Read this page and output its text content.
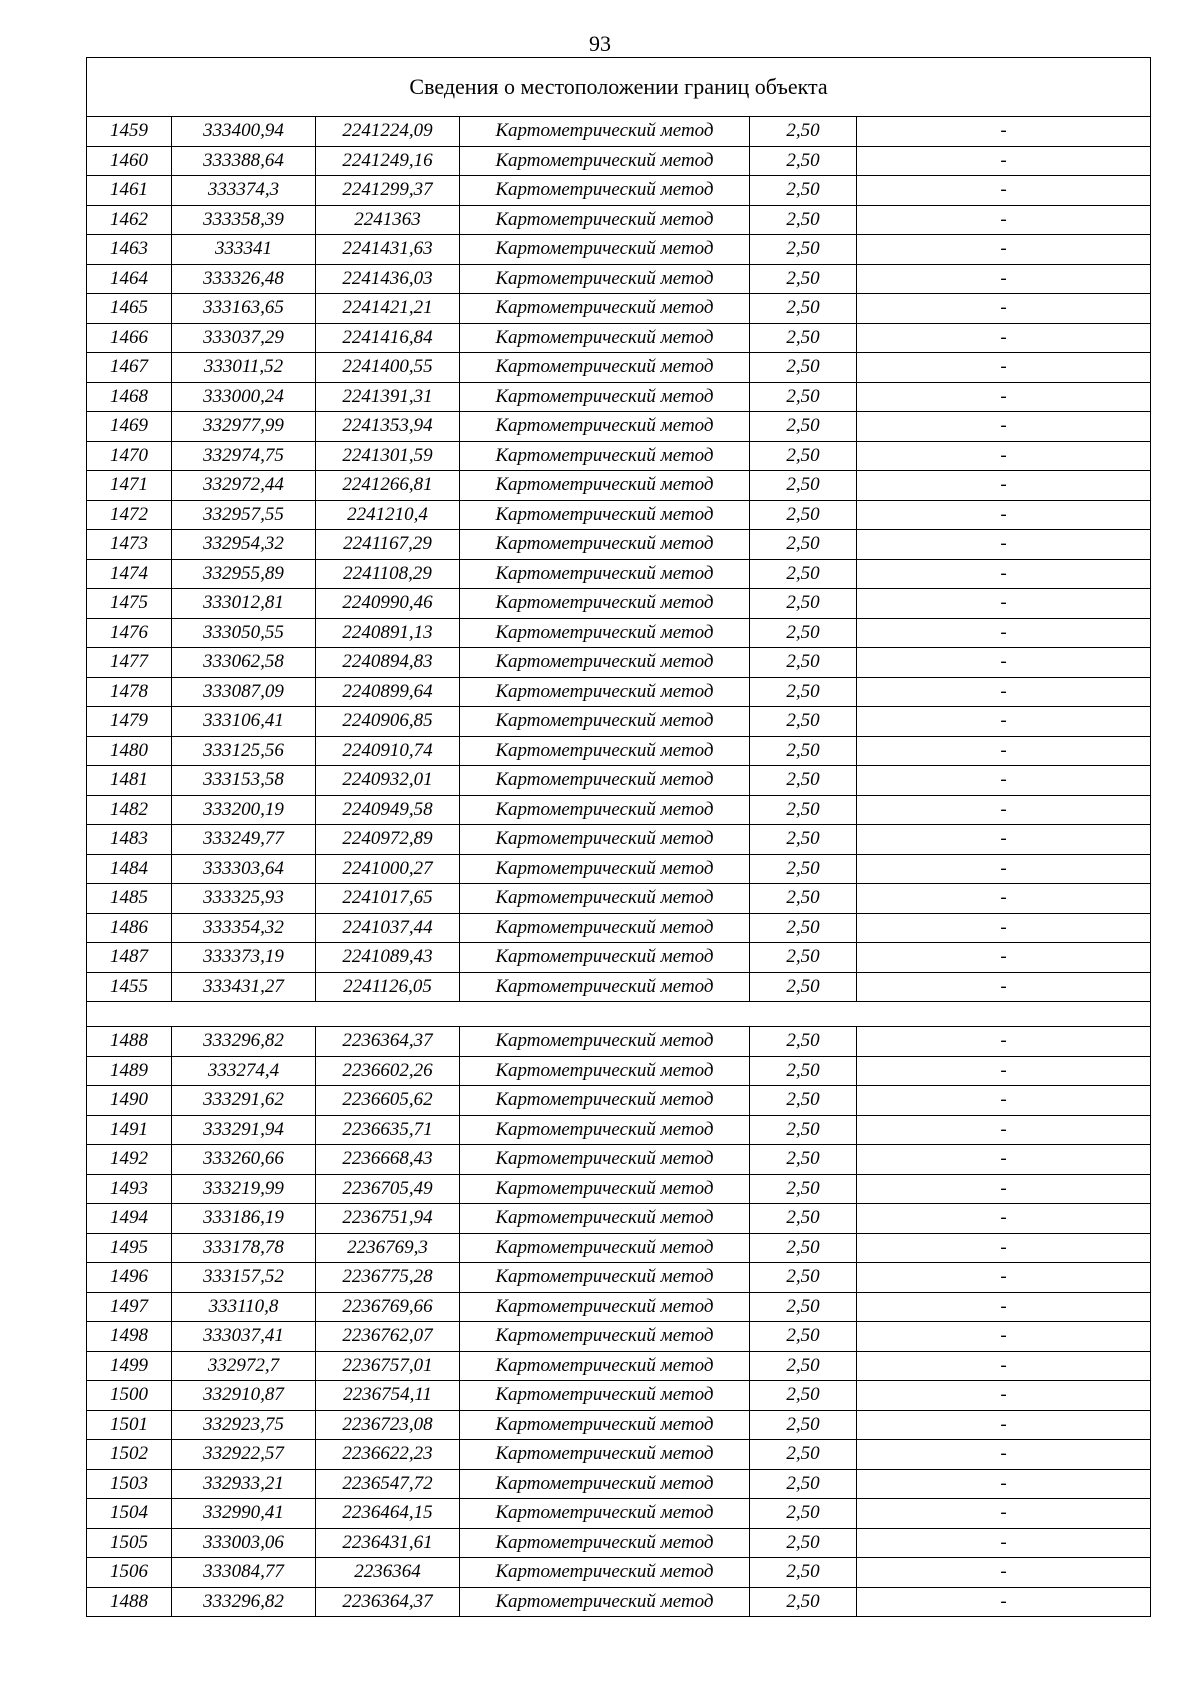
93
Сведения о местоположении границ объекта					
1459	333400,94	2241224,09	Картометрический метод	2,50	-
1460	333388,64	2241249,16	Картометрический метод	2,50	-
1461	333374,3	2241299,37	Картометрический метод	2,50	-
1462	333358,39	2241363	Картометрический метод	2,50	-
1463	333341	2241431,63	Картометрический метод	2,50	-
1464	333326,48	2241436,03	Картометрический метод	2,50	-
1465	333163,65	2241421,21	Картометрический метод	2,50	-
1466	333037,29	2241416,84	Картометрический метод	2,50	-
1467	333011,52	2241400,55	Картометрический метод	2,50	-
1468	333000,24	2241391,31	Картометрический метод	2,50	-
1469	332977,99	2241353,94	Картометрический метод	2,50	-
1470	332974,75	2241301,59	Картометрический метод	2,50	-
1471	332972,44	2241266,81	Картометрический метод	2,50	-
1472	332957,55	2241210,4	Картометрический метод	2,50	-
1473	332954,32	2241167,29	Картометрический метод	2,50	-
1474	332955,89	2241108,29	Картометрический метод	2,50	-
1475	333012,81	2240990,46	Картометрический метод	2,50	-
1476	333050,55	2240891,13	Картометрический метод	2,50	-
1477	333062,58	2240894,83	Картометрический метод	2,50	-
1478	333087,09	2240899,64	Картометрический метод	2,50	-
1479	333106,41	2240906,85	Картометрический метод	2,50	-
1480	333125,56	2240910,74	Картометрический метод	2,50	-
1481	333153,58	2240932,01	Картометрический метод	2,50	-
1482	333200,19	2240949,58	Картометрический метод	2,50	-
1483	333249,77	2240972,89	Картометрический метод	2,50	-
1484	333303,64	2241000,27	Картометрический метод	2,50	-
1485	333325,93	2241017,65	Картометрический метод	2,50	-
1486	333354,32	2241037,44	Картометрический метод	2,50	-
1487	333373,19	2241089,43	Картометрический метод	2,50	-
1455	333431,27	2241126,05	Картометрический метод	2,50	-

1488	333296,82	2236364,37	Картометрический метод	2,50	-
1489	333274,4	2236602,26	Картометрический метод	2,50	-
1490	333291,62	2236605,62	Картометрический метод	2,50	-
1491	333291,94	2236635,71	Картометрический метод	2,50	-
1492	333260,66	2236668,43	Картометрический метод	2,50	-
1493	333219,99	2236705,49	Картометрический метод	2,50	-
1494	333186,19	2236751,94	Картометрический метод	2,50	-
1495	333178,78	2236769,3	Картометрический метод	2,50	-
1496	333157,52	2236775,28	Картометрический метод	2,50	-
1497	333110,8	2236769,66	Картометрический метод	2,50	-
1498	333037,41	2236762,07	Картометрический метод	2,50	-
1499	332972,7	2236757,01	Картометрический метод	2,50	-
1500	332910,87	2236754,11	Картометрический метод	2,50	-
1501	332923,75	2236723,08	Картометрический метод	2,50	-
1502	332922,57	2236622,23	Картометрический метод	2,50	-
1503	332933,21	2236547,72	Картометрический метод	2,50	-
1504	332990,41	2236464,15	Картометрический метод	2,50	-
1505	333003,06	2236431,61	Картометрический метод	2,50	-
1506	333084,77	2236364	Картометрический метод	2,50	-
1488	333296,82	2236364,37	Картометрический метод	2,50	-
